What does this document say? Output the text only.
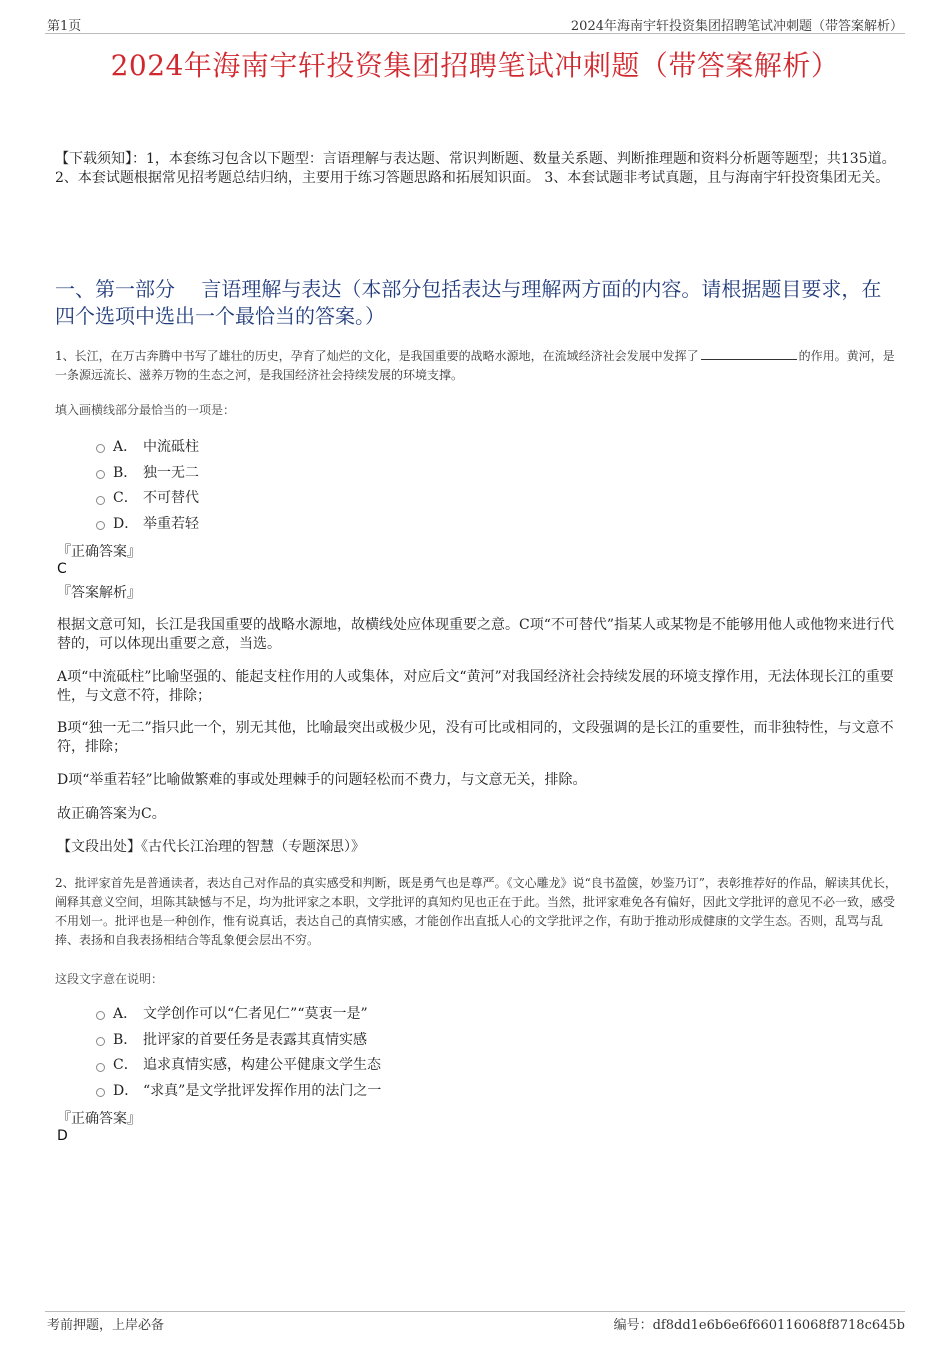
第1页	2024年海南宇轩投资集团招聘笔试冲刺题（带答案解析）
2024年海南宇轩投资集团招聘笔试冲刺题（带答案解析）
【下载须知】：1，本套练习包含以下题型：言语理解与表达题、常识判断题、数量关系题、判断推理题和资料分析题等题型；共135道。 2、本套试题根据常见招考题总结归纳，主要用于练习答题思路和拓展知识面。 3、本套试题非考试真题，且与海南宇轩投资集团无关。
一、第一部分　 言语理解与表达（本部分包括表达与理解两方面的内容。请根据题目要求，在四个选项中选出一个最恰当的答案。）
1、长江，在万古奔腾中书写了雄壮的历史，孕育了灿烂的文化，是我国重要的战略水源地，在流域经济社会发展中发挥了	的作用。黄河，是一条源远流长、滋养万物的生态之河，是我国经济社会持续发展的环境支撑。
填入画横线部分最恰当的一项是：
A． 中流砥柱
B． 独一无二
C． 不可替代
D． 举重若轻
『正确答案』
C
『答案解析』
根据文意可知，长江是我国重要的战略水源地，故横线处应体现重要之意。C项“不可替代”指某人或某物是不能够用他人或他物来进行代替的，可以体现出重要之意，当选。
A项“中流砥柱”比喻坚强的、能起支柱作用的人或集体，对应后文“黄河”对我国经济社会持续发展的环境支撑作用，无法体现长江的重要性，与文意不符，排除；
B项“独一无二”指只此一个，别无其他，比喻最突出或极少见，没有可比或相同的，文段强调的是长江的重要性，而非独特性，与文意不符，排除；
D项“举重若轻”比喻做繁难的事或处理棘手的问题轻松而不费力，与文意无关，排除。
故正确答案为C。
【文段出处】《古代长江治理的智慧（专题深思）》
2、批评家首先是普通读者，表达自己对作品的真实感受和判断，既是勇气也是尊严。《文心雕龙》说“良书盈箧，妙鉴乃订”，表彰推荐好的作品，解读其优长，阐释其意义空间，坦陈其缺憾与不足，均为批评家之本职，文学批评的真知灼见也正在于此。当然，批评家难免各有偏好，因此文学批评的意见不必一致，感受不用划一。批评也是一种创作，惟有说真话，表达自己的真情实感，才能创作出直抵人心的文学批评之作，有助于推动形成健康的文学生态。否则，乱骂与乱捧、表扬和自我表扬相结合等乱象便会层出不穷。
这段文字意在说明：
A． 文学创作可以“仁者见仁”“莫衷一是”
B． 批评家的首要任务是表露其真情实感
C． 追求真情实感，构建公平健康文学生态
D． “求真”是文学批评发挥作用的法门之一
『正确答案』
D
考前押题，上岸必备	编号：df8dd1e6b6e6f660116068f8718c645b
